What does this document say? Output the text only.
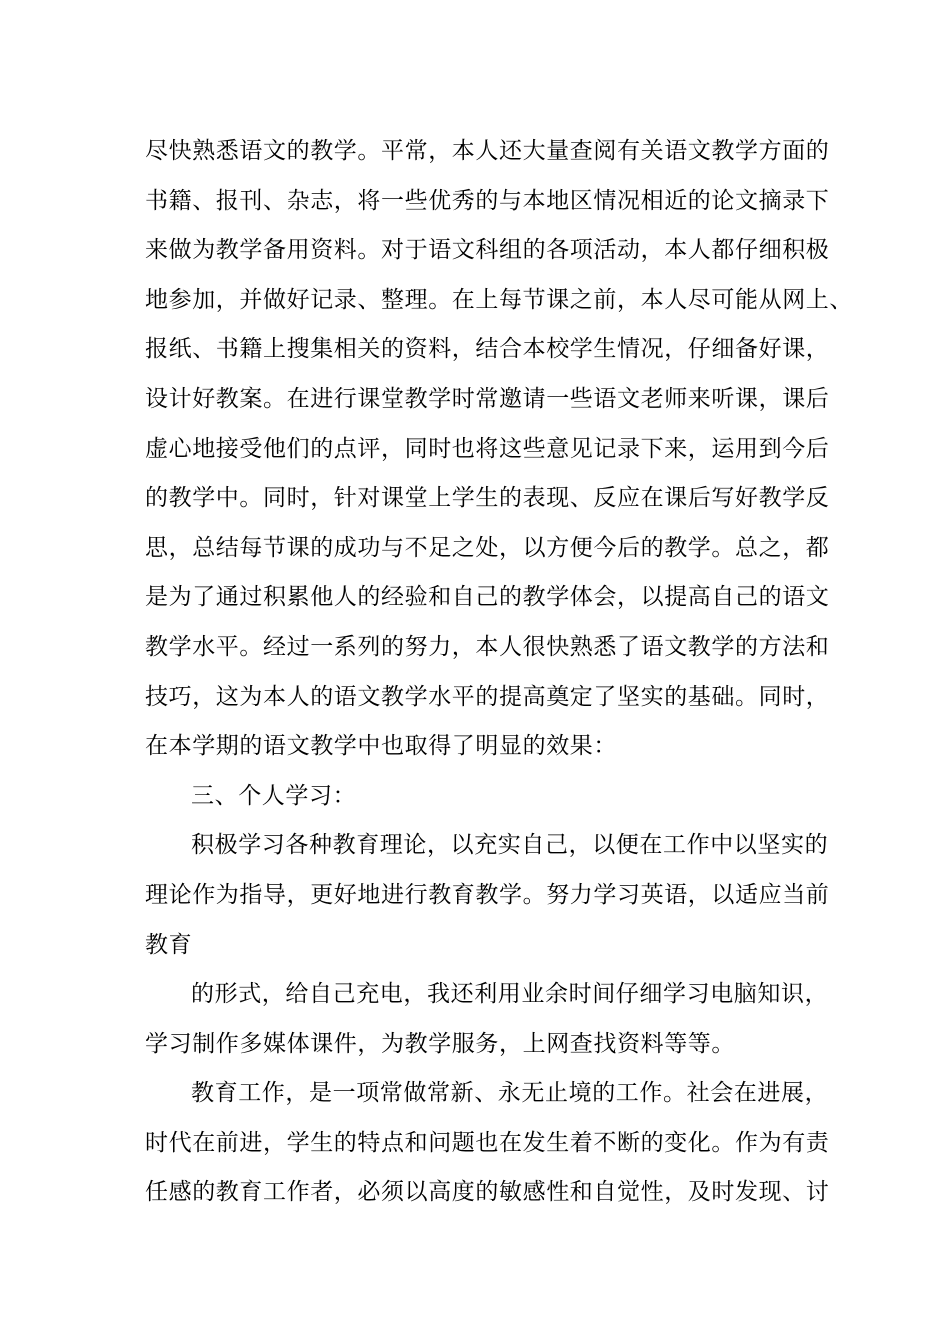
尽快熟悉语文的教学。平常，本人还大量查阅有关语文教学方面的
书籍、报刊、杂志，将一些优秀的与本地区情况相近的论文摘录下
来做为教学备用资料。对于语文科组的各项活动，本人都仔细积极
地参加，并做好记录、整理。在上每节课之前，本人尽可能从网上、
报纸、书籍上搜集相关的资料，结合本校学生情况，仔细备好课，
设计好教案。在进行课堂教学时常邀请一些语文老师来听课，课后
虚心地接受他们的点评，同时也将这些意见记录下来，运用到今后
的教学中。同时，针对课堂上学生的表现、反应在课后写好教学反
思，总结每节课的成功与不足之处，以方便今后的教学。总之，都
是为了通过积累他人的经验和自己的教学体会，以提高自己的语文
教学水平。经过一系列的努力，本人很快熟悉了语文教学的方法和
技巧，这为本人的语文教学水平的提高奠定了坚实的基础。同时，
在本学期的语文教学中也取得了明显的效果：
三、个人学习：
积极学习各种教育理论，以充实自己，以便在工作中以坚实的
理论作为指导，更好地进行教育教学。努力学习英语，以适应当前
教育
的形式，给自己充电，我还利用业余时间仔细学习电脑知识，
学习制作多媒体课件，为教学服务，上网查找资料等等。
教育工作，是一项常做常新、永无止境的工作。社会在进展，
时代在前进，学生的特点和问题也在发生着不断的变化。作为有责
任感的教育工作者，必须以高度的敏感性和自觉性，及时发现、讨
